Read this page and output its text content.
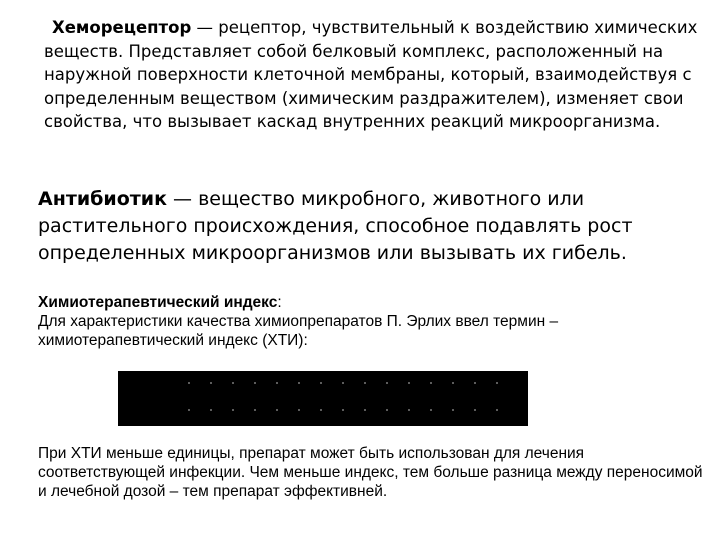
Хеморецептор — рецептор, чувствительный к воздействию химических веществ. Представляет собой белковый комплекс, расположенный на наружной поверхности клеточной мембраны, который, взаимодействуя с определенным веществом (химическим раздражителем), изменяет свои свойства, что вызывает каскад внутренних реакций микроорганизма.
Антибиотик — вещество микробного, животного или растительного происхождения, способное подавлять рост определенных микроорганизмов или вызывать их гибель.
Химиотерапевтический индекс:
Для характеристики качества химиопрепаратов П. Эрлих ввел термин – химиотерапевтический индекс (ХТИ):
При ХТИ меньше единицы, препарат может быть использован для лечения соответствующей инфекции. Чем меньше индекс, тем больше разница между переносимой и лечебной дозой – тем препарат эффективней.
